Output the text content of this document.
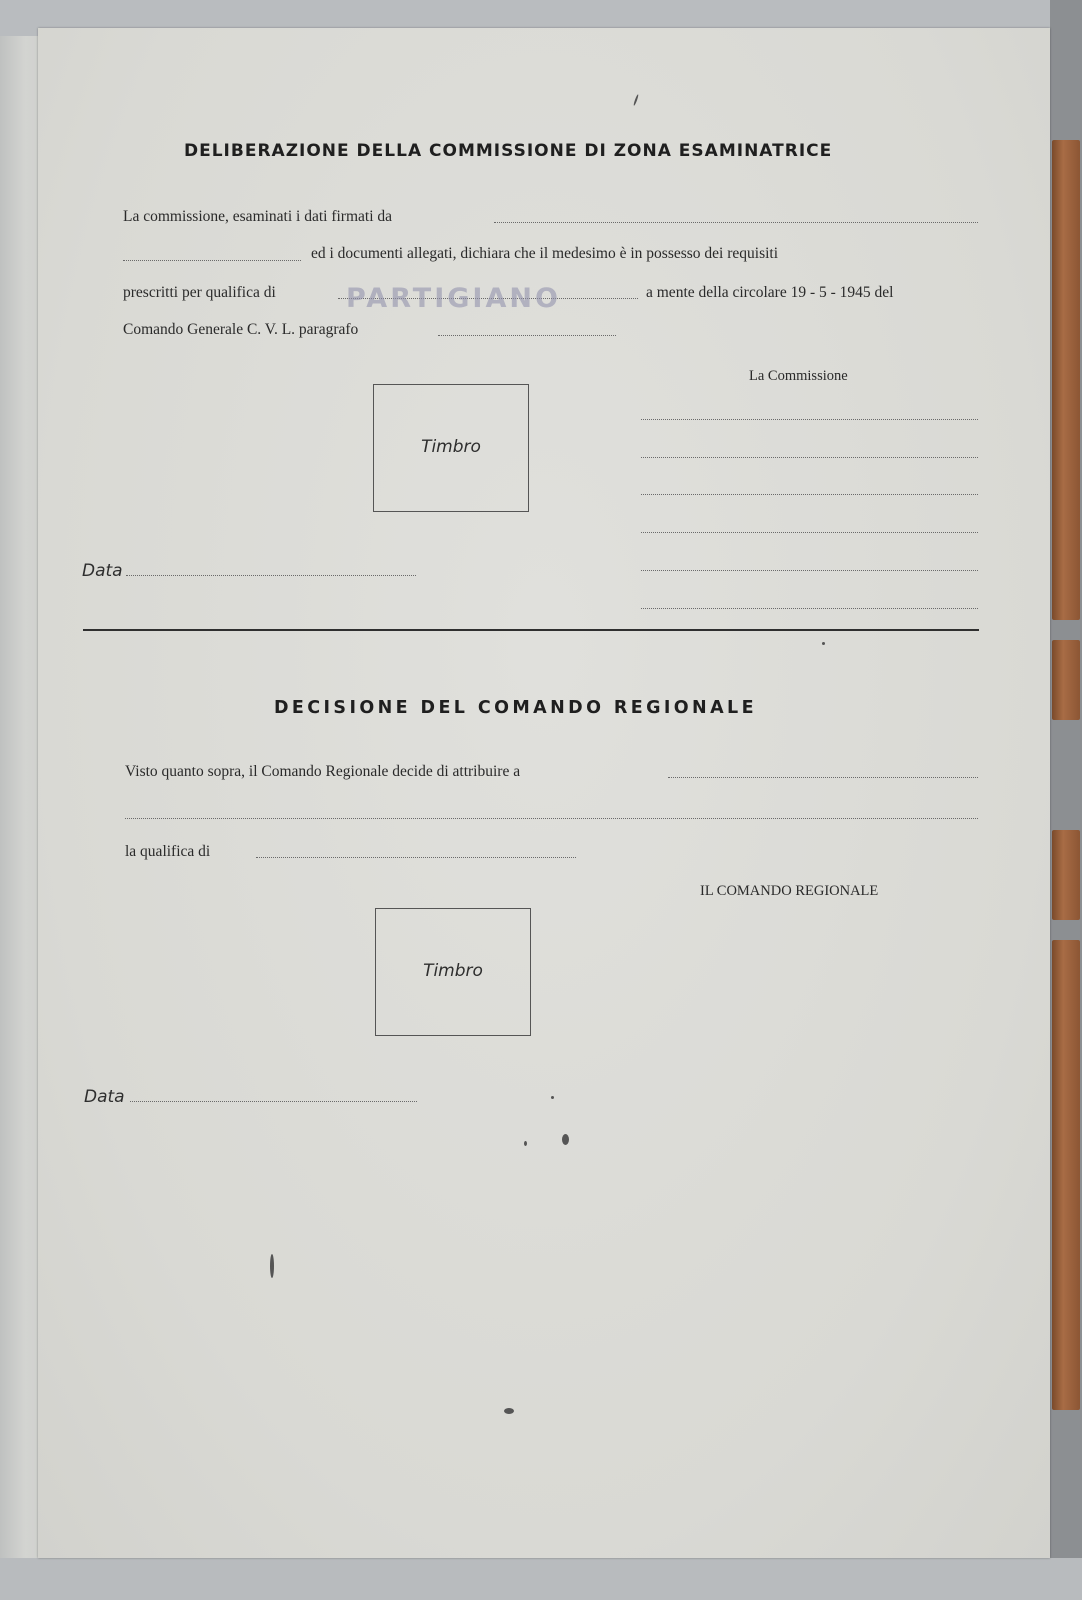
DELIBERAZIONE DELLA COMMISSIONE DI ZONA ESAMINATRICE
La commissione, esaminati i dati firmati da
ed i documenti allegati, dichiara che il medesimo è in possesso dei requisiti
prescritti per qualifica di	PARTIGIANO	a mente della circolare 19 - 5 - 1945 del
Comando Generale C. V. L. paragrafo
La Commissione
Timbro
Data
DECISIONE DEL COMANDO REGIONALE
Visto quanto sopra, il Comando Regionale decide di attribuire a
la qualifica di
IL COMANDO REGIONALE
Timbro
Data
